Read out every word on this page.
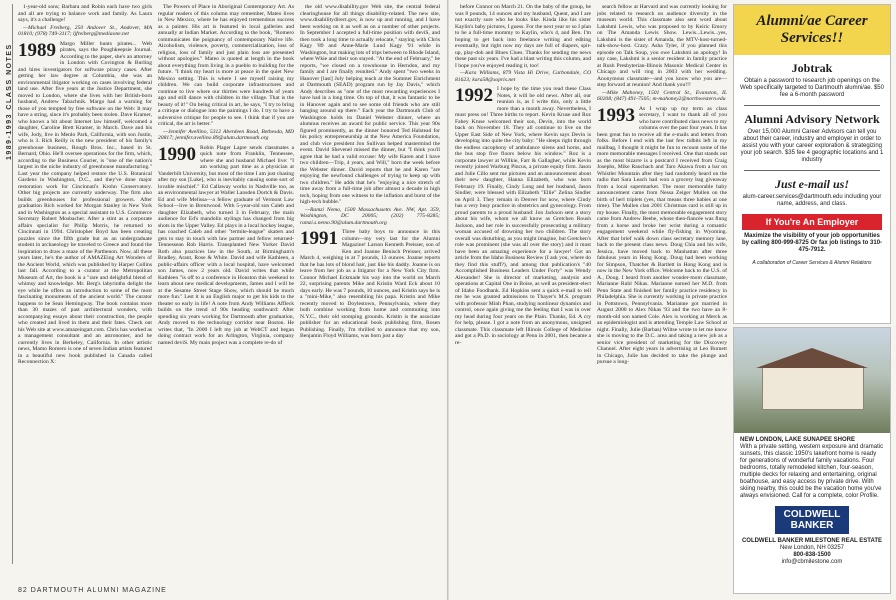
1989-1993 CLASS NOTES

1-year-old sons; Barbara and Robin each have two girls and all are trying to balance work and family. As Laura says, it's a challenge!

—Michael Freiberg, 250 Andover St., Andover, MA 01810; (978) 749-3117; ljfreiberg@mediaone.net

1989 Margo Miller hunts pirates... Web pirates, says the Poughkeepsie Journal. According to the paper, she's an attorney in London with Covington & Burling and hires investigators for software piracy cases. After getting her law degree at Columbia, she was an environmental litigator working on cases involving federal land use. After five years at the Justice Department, she moved to London, where she lives with her British-born husband, Andrew Tabachnik. Margo had a warning for those of you tempted by free software on the Web: It may have a string, since it's probably been stolen. Dave Kramer, who knows a bit about Internet law himself, welcomed a daughter, Caroline Brett Kramer, in March. Dave and his wife, Jody, live in Menlo Park, California, with son Justin, who is 3. Rich Reilly is the new president of his family's greenhouse business, Rough Bros. Inc., based in St. Bernard, Ohio. He'll oversee operations for the firm, which, according to the Business Courier, is "one of the nation's largest in the niche industry of greenhouse manufacturing." Last year the company helped restore the U.S. Botanical Gardens in Washington, D.C., and they've done major restoration work for Cincinnati's Krohn Conservatory. Other big projects are currently underway. The firm also builds greenhouses for professional growers. After graduation Rich worked for Morgan Stanley in New York and in Washington as a special assistant to U.S. Commerce Secretary Robert Mosbacher. After a stint as a corporate affairs specialist for Philip Morris, he returned to Cincinnati in 1994. Christopher Boyd has been creating puzzles since the fifth grade but as an undergraduate student in archaeology he traveled to Greece and found the inspiration to draw a maze of the Parthenon. Now, all these years later, he's the author of AMAZEing Art Wonders of the Ancient World, which was published by Harper Collins last fall. According to a curator at the Metropolitan Museum of Art, the book is a "rare and delightful blend of whimsy and knowledge. Mr. Berg's labyrinths delight the eye while he offers an introduction to some of the most fascinating monuments of the ancient world." The curator happens to be Sean Hemingway. The book contains more than 30 mazes of past architectural wonders, with accompanying essays about their construction, the people who created and lived in them and their fates. Check out his Web site at www.amazeingart.com. Chris has worked as a management consultant and an astronomer, and he currently lives in Berkeley, California. In other artistic news, Mamo Romero is one of seven Indian artists featured in a beautiful new book published in Canada called Reconnection X:

The Powers of Place in Aboriginal Contemporary Art. As regular readers of this column may remember, Mateo lives in New Mexico, where he has enjoyed tremendous success as a painter. His art is featured in local galleries and annually at Indian Market. According to the book, "Romero communicates the poignancy of contemporary Native life. Alcoholism, violence, poverty, commercialization, loss of religion, loss of family and just plain loss are presented without apologies." Mateo is quoted at length in the book about everything from living in a pueblo to building for the future. "I think my heart is more at peace in the quiet New Mexico setting. This is where I see myself raising my children. We can build corporate infrastructures and continue to live where our thirties were hundreds of years ago and still dance with children in the village. That is the beauty of it!" On being critical in art, he says, "I try to bring a critique or dialogue into the paintings I do. I try to have a subversive critique for people to see. I think that if you are critical, the art is better."

—Jennifer Avellino, 5312 Aberdeen Road, Bethesda, MD 20817; jennifer.avellino.89@alum.dartmouth.org

1990 Robin Plager Lapre sends classmates a quick note from Franklin, Tennessee, where she and husband Michael live: "I am working part time as a physician at Vanderbilt University, but most of the time I am just chasing after my son [Luke], who is inevitably causing some sort of lovable mischief." Ed Callaway works in Nashville too, as an environmental lawyer at Waller Lansden Dortch & Davis. Ed and wife Melissa—a fellow graduate of Vermont Law School—live in Brentwood. With 5-year-old son Caleb and daughter Elizabeth, who turned 3 in February, the main audience for Ed's mandolin stylings has changed from big shots in the Upper Valley. Ed plays in a local hockey league, has coached Caleb and other "termite-league" skaters and gets to stay in touch with law partner and fellow returned-Tennessean Rob Harris. Transplanted New Yorker David Roth also practices law in the South, at Birmingham's Bradley, Arant, Rose & White. David and wife Kathleen, a public-affairs officer with a local hospital, have welcomed son James, now 2 years old. David writes that while Kathleen "is off to a conference in Houston this weekend to learn about new medical developments, James and I will be at the Sesame Street Stage Show, which should be much more fun." Lest it is an English major to get his kids to the theater so early in life! A note from Andy Williams Affleck builds on the trend of 90s heading southward: After spending six years working for Dartmouth after graduation, Andy moved to the technology corridor near Boston. He writes that, "In 2000 I left my job at WebCT and began doing contract work for an Arlington, Virginia, company named deviS. My main project was a complete re-do of

the old www.disability.gov Web site, the central federal clearinghouse for all things disability-related. The new site, www.disabilitydirect.gov, is now up and running, and I have been working on it as well as on a number of other projects. In September I accepted a full-time position with deviS, and then took a long time to actually relocate," staying with Chris Kagy '89 and Anne-Marie Lund Kagy '91 while in Washington, but making lots of trips between to Rhode Island, where Wkie and their son stayed. "At the end of February," he reports, "we closed on a townhouse in Herndon, and my family and I are finally reunited." Andy spent "two weeks in Hanover [last] July helping teach at the Summer Enrichment at Dartmouth (SEAD) program run by Jay Davis," which Andy describes as "one of the most rewarding experiences I have had in a long time. On top of that, it was fantastic to be in Hanover again and to see some old friends who are still hanging around up there." Each year the Dartmouth Club of Washington holds its Daniel Webster dinner, where an alumnus receives an award for public service. This year 90s figured prominently, as the dinner honored Ted Halstead for his policy entrepreneurship at the New America Foundation, and club vice president Jon Sullivan helped mastermind the event. David Shevenel missed the dinner, but "I think you'll agree that he had a valid excuse: My wife Karen and I have two children—Trip, 4 years, and Will," born the week before the Webster dinner. David reports that he and Karen "are enjoying the newfound challenges of trying to keep up with two children." He adds that he's "enjoying a nice stretch of time away from a full-time job after almost a decade in high tech, hoping from one witness to the inflation and burst of the high-tech bubble."

—Ramzi Nemo, 1500 Massachusetts Ave. NW, Apt. 359, Washington, DC 20005; (202) 775-8285; ramzi.s.nemo.90@alum.dartmouth.org

1991 Three baby boys to announce in this column—my very last for the Alumni Magazine! Larson Kenneth Preisser, son of Ken and Joanne Benisch Preisser, arrived March 4, weighing in at 7 pounds, 13 ounces. Joanne reports that he has lots of blond hair, just like his daddy. Joanne is on leave from her job as a litigator for a New York City firm. Connor Michael Eckmade his way into the world on March 22, surprising parents Mike and Kristin Ward Eck about 10 days early. He was 7 pounds, 10 ounces, and Kristin says he is a "mini-Mike," also resembling his papa. Kristin and Mike recently moved to Doylestown, Pennsylvania, where they both combine working from home and commuting into N.Y.C., their old stomping grounds. Kristin is the associate publisher for an educational book publishing firm, Rosen Publishing. Finally, I'm thrilled to announce that my son, Benjamin Floyd Williams, was born just a day
82 DARTMOUTH ALUMNI MAGAZINE

before Connor on March 21. On the baby of the group, he was 8 pounds, 14 ounces and my husband, Quent, and I are not exactly sure who he looks like. Kinda like his sister Kaylin's baby pictures, I guess. For the next year or so I plan to be a full-time mommy to Kaylin, who's 4, and Ben. I'm hoping to get back into freelance writing and editing eventually, but right now my days are full of diapers, spit-up, play-doh and Blues Clues. Thanks for sending me news these past six years. I've had a blast writing this column, and I hope you've enjoyed reading it, too!

—Kara Williams, 879 Vista Hi Drive, Carbondale, CO 81623; kara58@sopris.net

1992 I hope by the time you read these Class Notes, it will be old news. After all, our reunion is, as I write this, only a little more than a month away. Nevertheless, I must press on! Three births to report. Kevin Kruse and Roz Fahey Kruse welcomed their son, Devin, into the world back on November 18. They all continue to live on the Upper East Side of New York, where Kevin says Devin is developing into quite the city baby: "He sleeps right through the endless cacophony of ambulance sirens and horns, and the bus stop five floors below his window." Roz is a corporate lawyer at Willkie, Farr & Gallagher, while Kevin recently joined Warburg Pincus, a private equity firm. Jason and Julie Cillo sent me pictures and an announcement about their new daughter, Hanna Elizabeth, who was born February 19. Finally, Cindy Long and her husband, Jason Sindler, were blessed with Elizabeth "Ellie" Zelina Sindler on April 3. They remain in Denver for now, where Cindy has a very busy practice in obstetrics and gynecology. From proud parents to a proud husband: Jon Jackson sent a story about his wife, whom we all know as Gretchen Roush Jackson, and her role in successfully prosecuting a military woman accused of drowning her two children. The story overall was disturbing, as you might imagine, but Gretchen's role was prominent (she was all over the story) and it must have been an amazing experience for a lawyer! Got an article from the Idaho Business Review (I ask you, where do they find this stuff?), and among that publication's "40 Accomplished Business Leaders Under Forty" was Wendy Alexander! She is director of marketing, analysis and operations at Capital One in Boise, as well as president-elect of Idaho Foodbank. Ed Hopkins sent a quick e-mail to tell me he was granted admissions to Thayer's M.S. program with professor Minh Phan, studying nonlinear dynamics and control, once again giving me the feeling that I was in over my head during four years on the Plain. Thanks, Ed. A cry for help, please. I got a note from an anonymous, unsigned classmate. This classmate left Illinois College of Medicine and got a Ph.D. in sociology at Penn in 2001, then became a re-

search fellow at Harvard and was currently looking for jobs related to research on audience diversity in the museum world. This classmate also sent word about Lakshmi Lewis, who was proposed to by Keiric Emory on The Amanda Lewis Show. Lewis...Lewis...yes, Lakshmi is the sister of Amanda, the MTV-host-turned-talk-show-host. Crazy. Asha Tyler, if you planned this episode on Talk Soup, you owe Lakshmi an apology! In any case, Lakshmi is a senior resident in family practice at Rush Presbyterian-Illinois Masonic Medical Center in Chicago and will ring in 2003 with her wedding. Anonymous classmate—and you know who you are—step forward at reunion! And thank you!!!

—Mike Mahoney, 1501 Central St., Evanston, IL 60208; (847) 491-7505; m-mahoney2@northwestern.edu

1993 As I wrap up my term as class secretary, I want to thank all of you who have contributed class news to my columns over the past four years. It has been great fun to receive all the e-mails and letters from folks. Before I end with the last few tidbits left in my mailbag, I thought it might be fun to recount some of the more memorable messages I received. One that stands out as the most bizarre is a postcard I received from Craig Josephs, Mike Rauchach and Taro Akawa from a bar on Whistler Mountain after they had randomly heard on the radio that Sara Leach had won a grocery bag giveaway from a local supermarket. The most memorable baby announcement came from Nessa Zeiger Mullen on the birth of herl triplets (yes, that means three babies at one time). The Mullen clan 2001 Christmas card is still up in my house. Finally, the most memorable engagement story came from Andrew Beebe, whose then-fiancée was flung from a horse and broke her wrist during a romantic engagement weekend while fly-fishing in Wyoming. After that brief walk down class secretary memory lane, back to the present class news. Doug Chia and his wife, Jessica, have moved back to Manhattan after three fabulous years in Hong Kong. Doug had been working for Simpson, Thatcher & Bartlett in Hong Kong and is now in the New York office. Welcome back to the U.S. of A., Doug. I heard from another wonder-mom classmate, Marianne Ruhl Nikas. Marianne earned her M.D. from Penn State and finished her family practice residency in Philadelphia. She is currently working in private practice in Pottstown, Pennsylvania. Marianne got married in August 2000 to Alex Nikas '93 and the two have an 8-month-old son named Cole. Alex is working at Merck as an epidemiologist and is attending Temple Law School at night. Finally, Julie (Barbas) Wiltse wrote to let me know she is moving to the D.C. area and taking a new job as a senior vice president of marketing for the Discovery Channel. After eight years in advertising at Leo Burnett in Chicago, Julie has decided to take the plunge and pursue a long-
Alumni/ae Career Services!!
Jobtrak
Obtain a password to research job openings on the Web specifically targeted to Dartmouth alumni/ae. $50 fee a 6-month password
Alumni Advisory Network
Over 15,000 Alumni Career Advisors can tell you about their career, industry and employer in order to assist you with your career exploration & strategizing your job search. $35 fee 4 geographic locations and 1 industry
Just e-mail us!
alum-career.services@dartmouth.edu including your name, address, and class.
If You're An Employer
Maximize the visibility of your job opportunities by calling 800-999-8725 Or fax job listings to 310-475-7912.
A collaboration of Career Services & Alumni Relations
NEW LONDON, LAKE SUNAPEE SHORE
With a private setting, western exposure and dramatic sunsets, this classic 1950's lakefront home is ready for generations of wonderful family vacations. Four bedrooms, totally remodeled kitchen, four-season, multiple decks for relaxing and entertaining, original boathouse, and easy access by private drive. With skiing nearby, this could be the vacation home you've always envisioned. Call for a complete, color Profile.
COLDWELL
BANKER
COLDWELL BANKER MILESTONE REAL ESTATE
New London, NH 03257
800-838-1500
info@cbmilestone.com
